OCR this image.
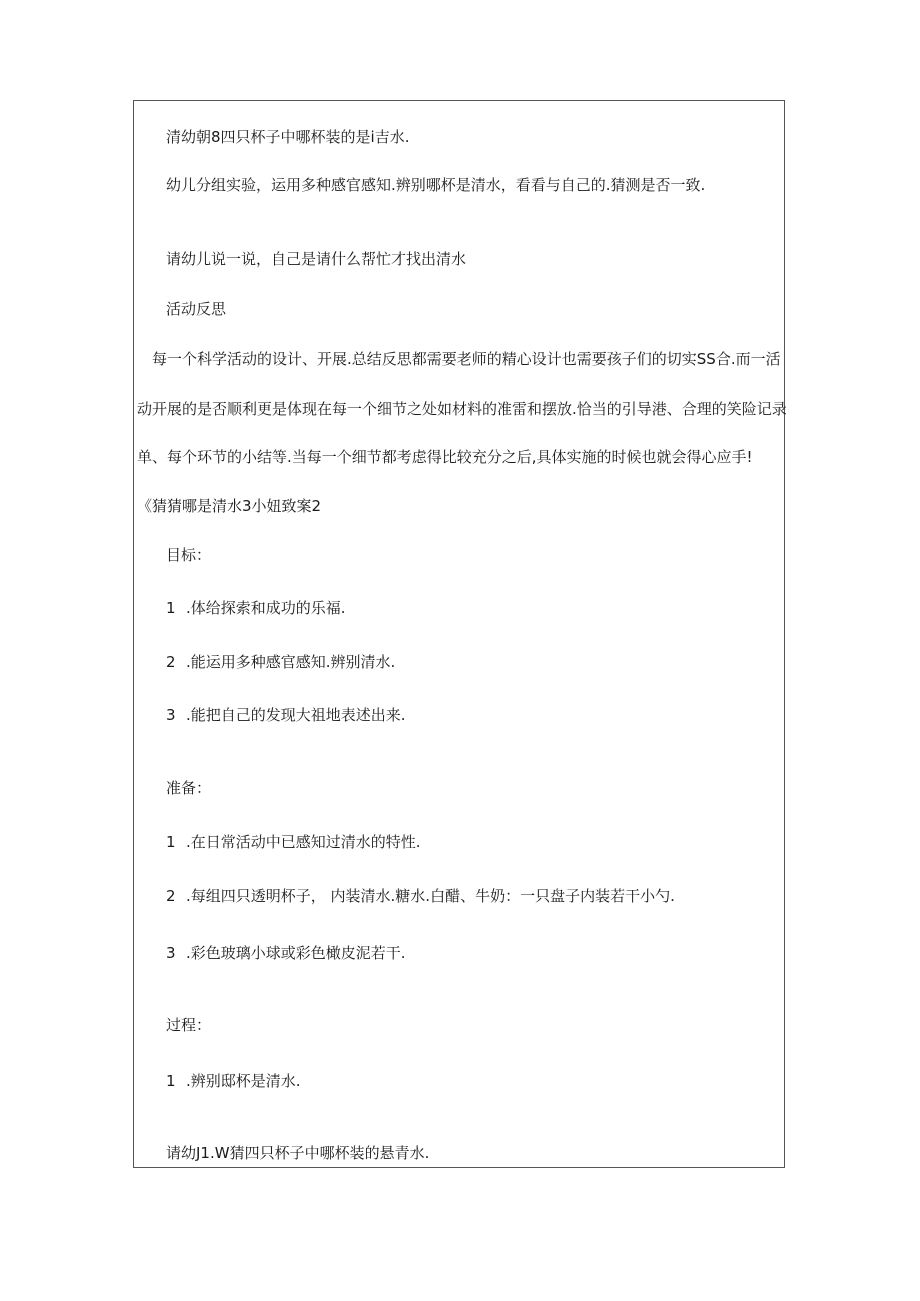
清幼朝8四只杯子中哪杯装的是i吉水.
幼儿分组实验，运用多种感官感知.辨别哪杯是清水，看看与自己的.猜测是否一致.
请幼儿说一说，自己是请什么帮忙才找出清水
活动反思
每一个科学活动的设计、开展.总结反思都需要老师的精心设计也需要孩子们的切实SS合.而一活
动开展的是否顺利更是体现在每一个细节之处如材料的准雷和摆放.恰当的引导港、合理的笑险记录
单、每个环节的小结等.当每一个细节都考虑得比较充分之后,具体实施的时候也就会得心应手!
《猜猜哪是清水3小妞致案2
目标：
1 .体给探索和成功的乐福.
2 .能运用多种感官感知.辨别清水.
3 .能把自己的发现大祖地表述出来.
准备：
1 .在日常活动中已感知过清水的特性.
2 .每组四只透明杯子， 内装清水.糖水.白醋、牛奶：一只盘子内装若干小勺.
3 .彩色玻璃小球或彩色橄皮泥若干.
过程：
1 .辨别邸杯是清水.
请幼J1.W猜四只杯子中哪杯装的悬青水.
